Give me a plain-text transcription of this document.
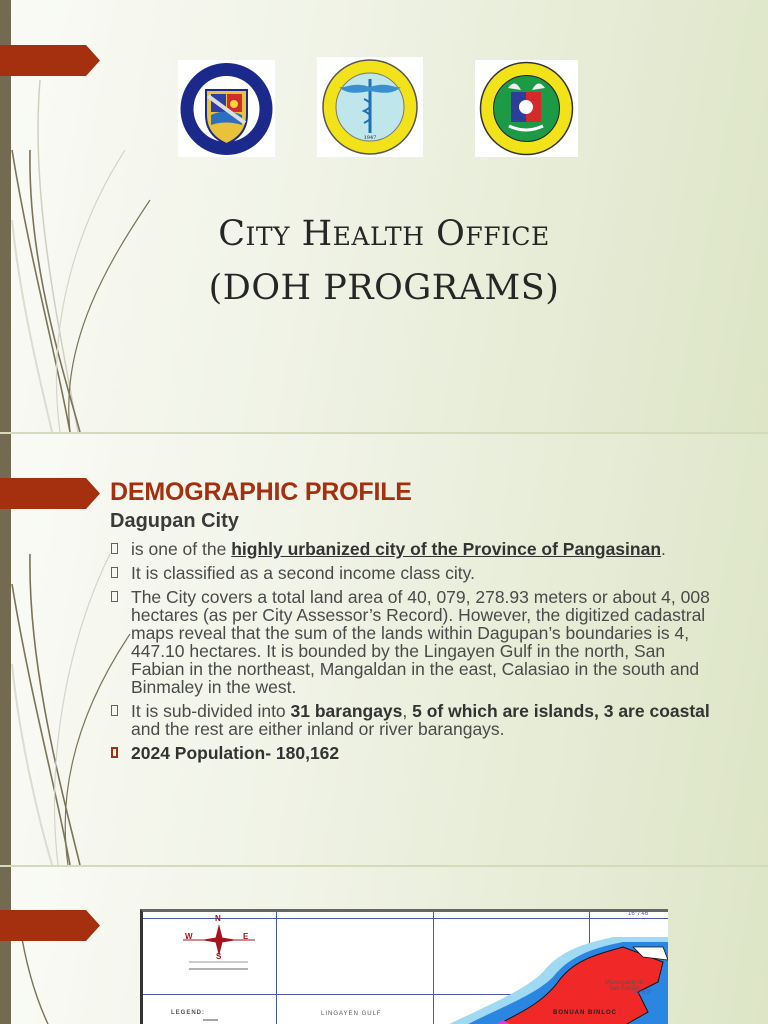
1947
City Health Office
(DOH PROGRAMS)
DEMOGRAPHIC PROFILE
Dagupan City
is one of the highly urbanized city of the Province of Pangasinan.
It is classified as a second income class city.
The City covers a total land area of 40, 079, 278.93 meters or about 4, 008 hectares (as per City Assessor’s Record). However, the digitized cadastral maps reveal that the sum of the lands within Dagupan’s boundaries is 4, 447.10 hectares. It is bounded by the Lingayen Gulf in the north, San Fabian in the northeast, Mangaldan in the east, Calasiao in the south and Binmaley in the west.
It is sub-divided into 31 barangays, 5 of which are islands, 3 are coastal and the rest are either inland or river barangays.
2024 Population- 180,162
N
S
E
W
LEGEND:	LINGAYEN GULF	BONUAN BINLOC
Municipality of
San Fabian
16°7'46"
16°6'3"
